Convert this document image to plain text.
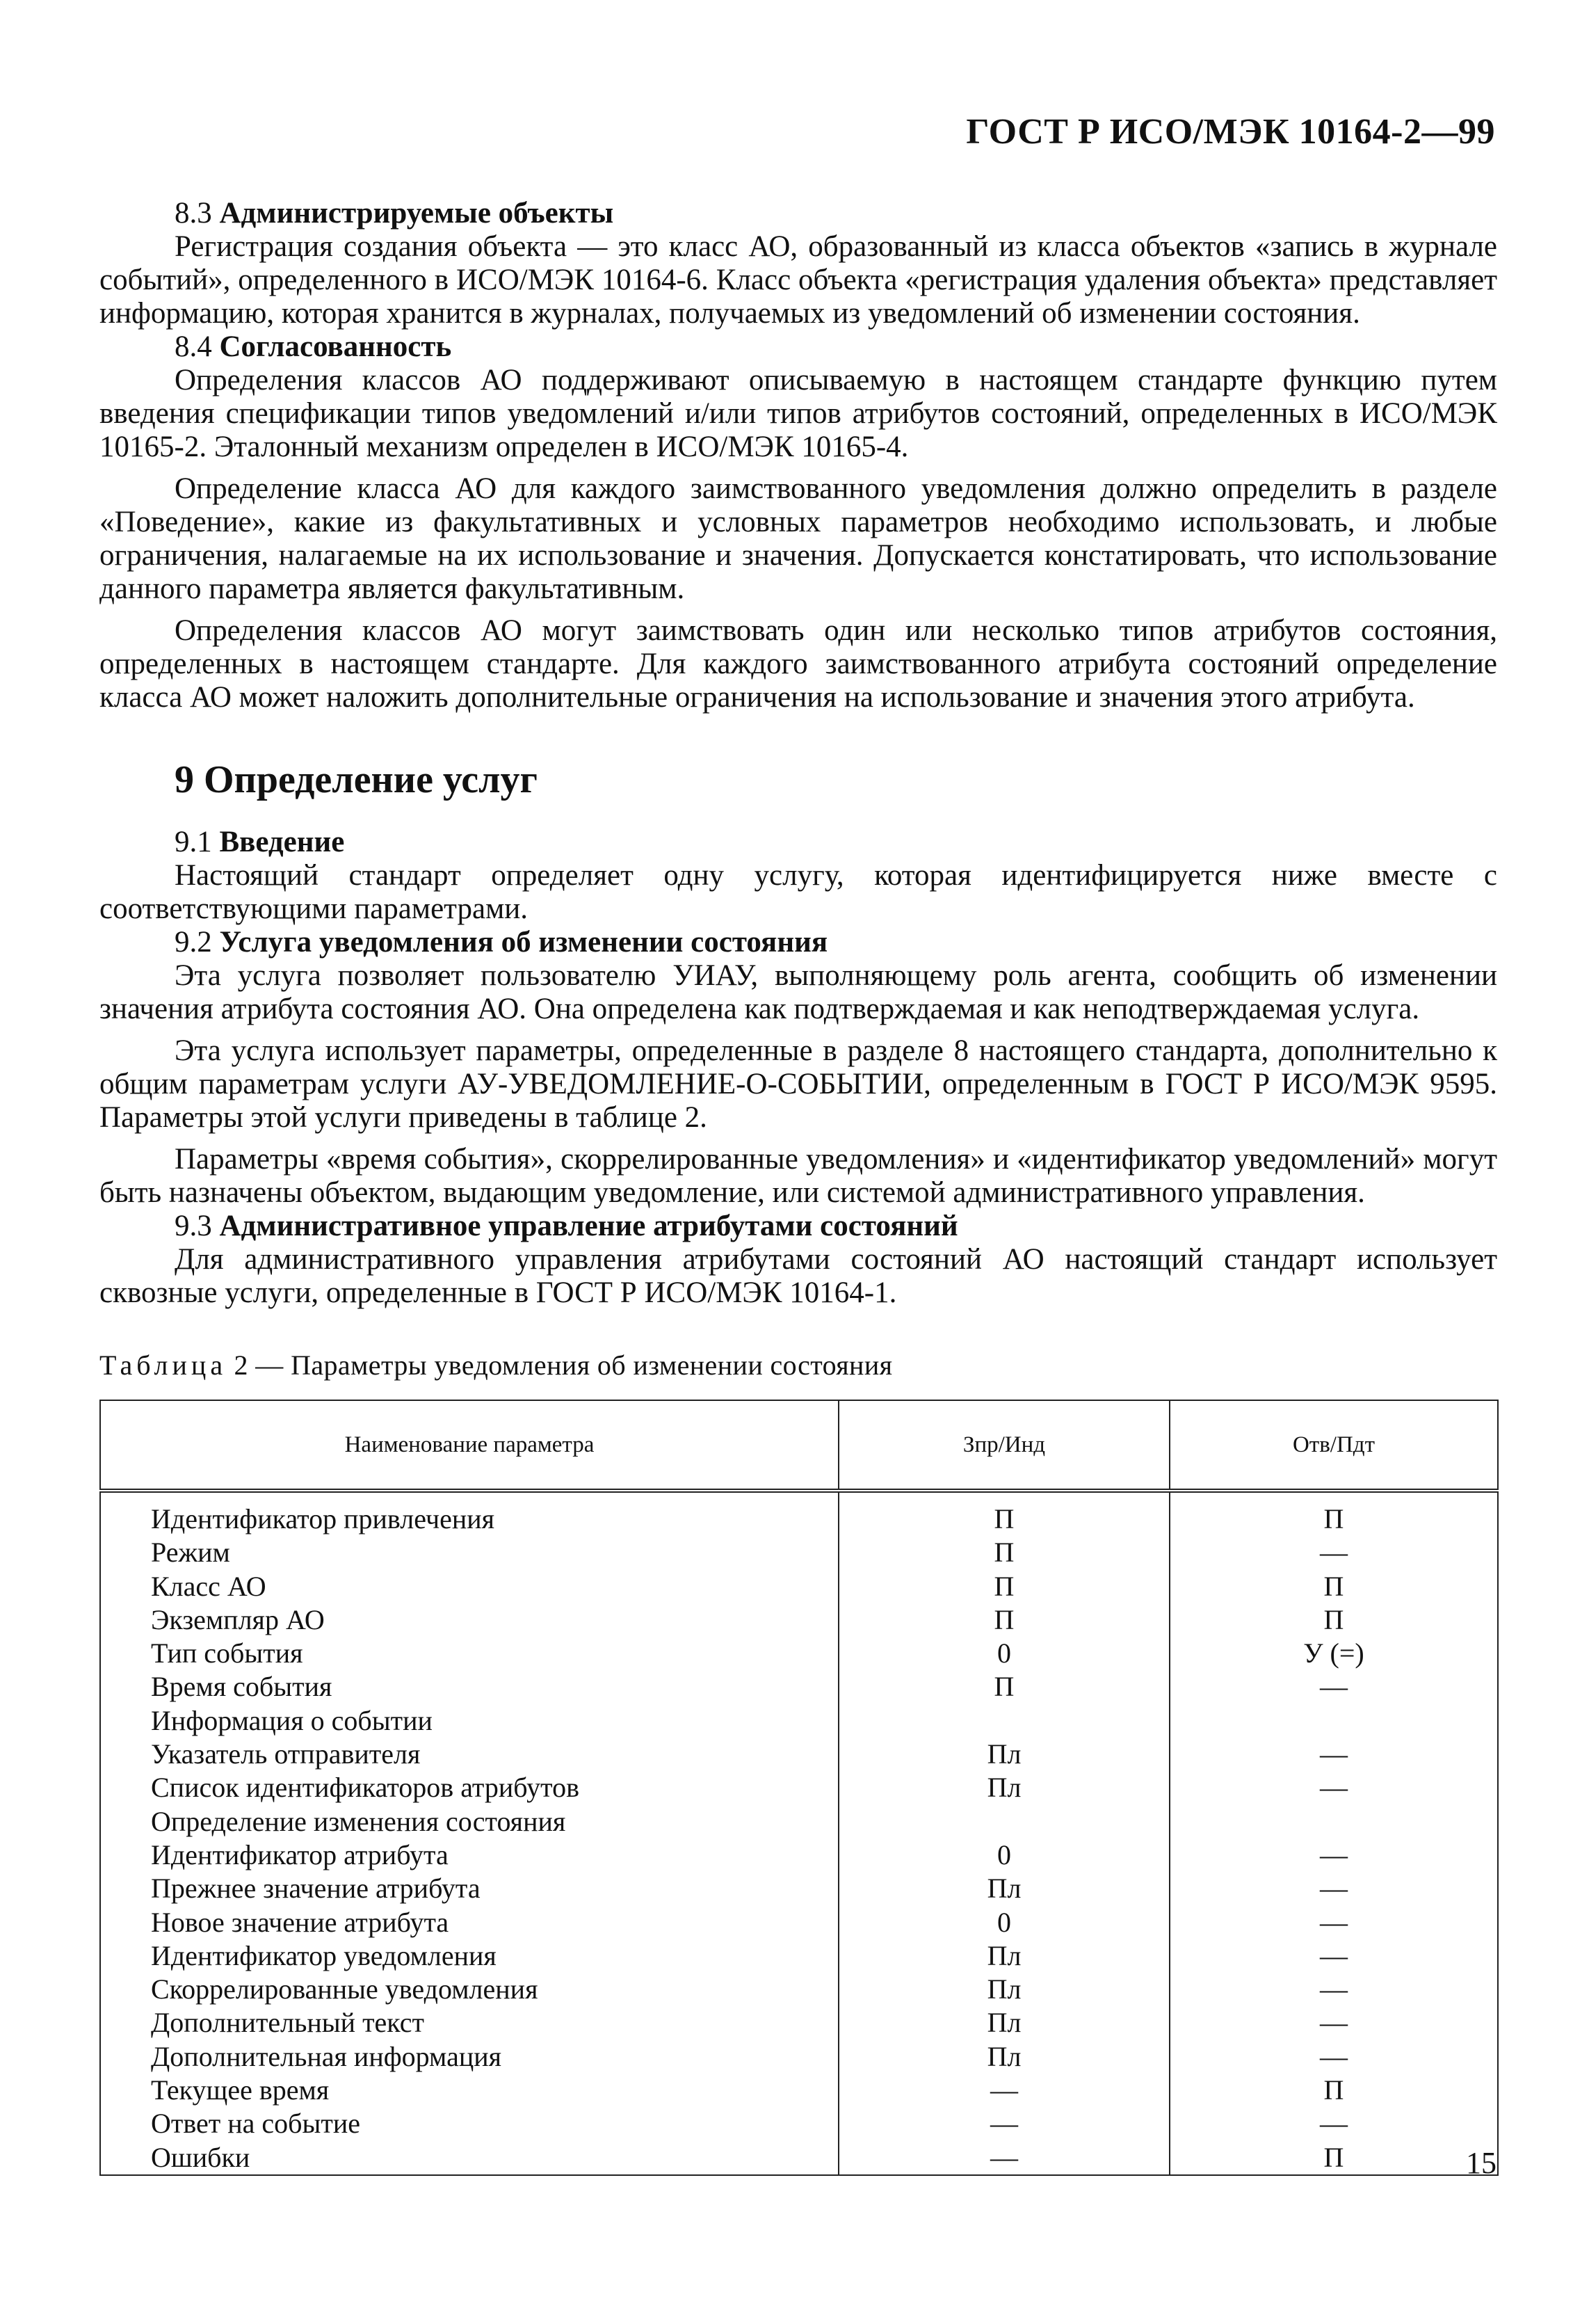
ГОСТ Р ИСО/МЭК 10164-2—99

8.3 Администрируемые объекты

Регистрация создания объекта — это класс АО, образованный из класса объектов «запись в журнале событий», определенного в ИСО/МЭК 10164-6. Класс объекта «регистрация удаления объекта» представляет информацию, которая хранится в журналах, получаемых из уведомлений об изменении состояния.

8.4 Согласованность

Определения классов АО поддерживают описываемую в настоящем стандарте функцию путем введения спецификации типов уведомлений и/или типов атрибутов состояний, определенных в ИСО/МЭК 10165-2. Эталонный механизм определен в ИСО/МЭК 10165-4.

Определение класса АО для каждого заимствованного уведомления должно определить в разделе «Поведение», какие из факультативных и условных параметров необходимо использовать, и любые ограничения, налагаемые на их использование и значения. Допускается констатировать, что использование данного параметра является факультативным.

Определения классов АО могут заимствовать один или несколько типов атрибутов состояния, определенных в настоящем стандарте. Для каждого заимствованного атрибута состояний определение класса АО может наложить дополнительные ограничения на использование и значения этого атрибута.

9 Определение услуг

9.1 Введение

Настоящий стандарт определяет одну услугу, которая идентифицируется ниже вместе с соответствующими параметрами.

9.2 Услуга уведомления об изменении состояния

Эта услуга позволяет пользователю УИАУ, выполняющему роль агента, сообщить об изменении значения атрибута состояния АО. Она определена как подтверждаемая и как неподтверждаемая услуга.

Эта услуга использует параметры, определенные в разделе 8 настоящего стандарта, дополнительно к общим параметрам услуги АУ-УВЕДОМЛЕНИЕ-О-СОБЫТИИ, определенным в ГОСТ Р ИСО/МЭК 9595. Параметры этой услуги приведены в таблице 2.

Параметры «время события», скоррелированные уведомления» и «идентификатор уведомлений» могут быть назначены объектом, выдающим уведомление, или системой административного управления.

9.3 Административное управление атрибутами состояний

Для административного управления атрибутами состояний АО настоящий стандарт использует сквозные услуги, определенные в ГОСТ Р ИСО/МЭК 10164-1.

Таблица 2 — Параметры уведомления об изменении состояния
Наименование параметра	Зпр/Инд	Отв/Пдт
Идентификатор привлечения	П	П
Режим	П	—
Класс АО	П	П
Экземпляр АО	П	П
Тип события	0	У (=)
Время события	П	—
Информация о событии		
Указатель отправителя	Пл	—
Список идентификаторов атрибутов	Пл	—
Определение изменения состояния		
Идентификатор атрибута	0	—
Прежнее значение атрибута	Пл	—
Новое значение атрибута	0	—
Идентификатор уведомления	Пл	—
Скоррелированные уведомления	Пл	—
Дополнительный текст	Пл	—
Дополнительная информация	Пл	—
Текущее время	—	П
Ответ на событие	—	—
Ошибки	—	П	15
